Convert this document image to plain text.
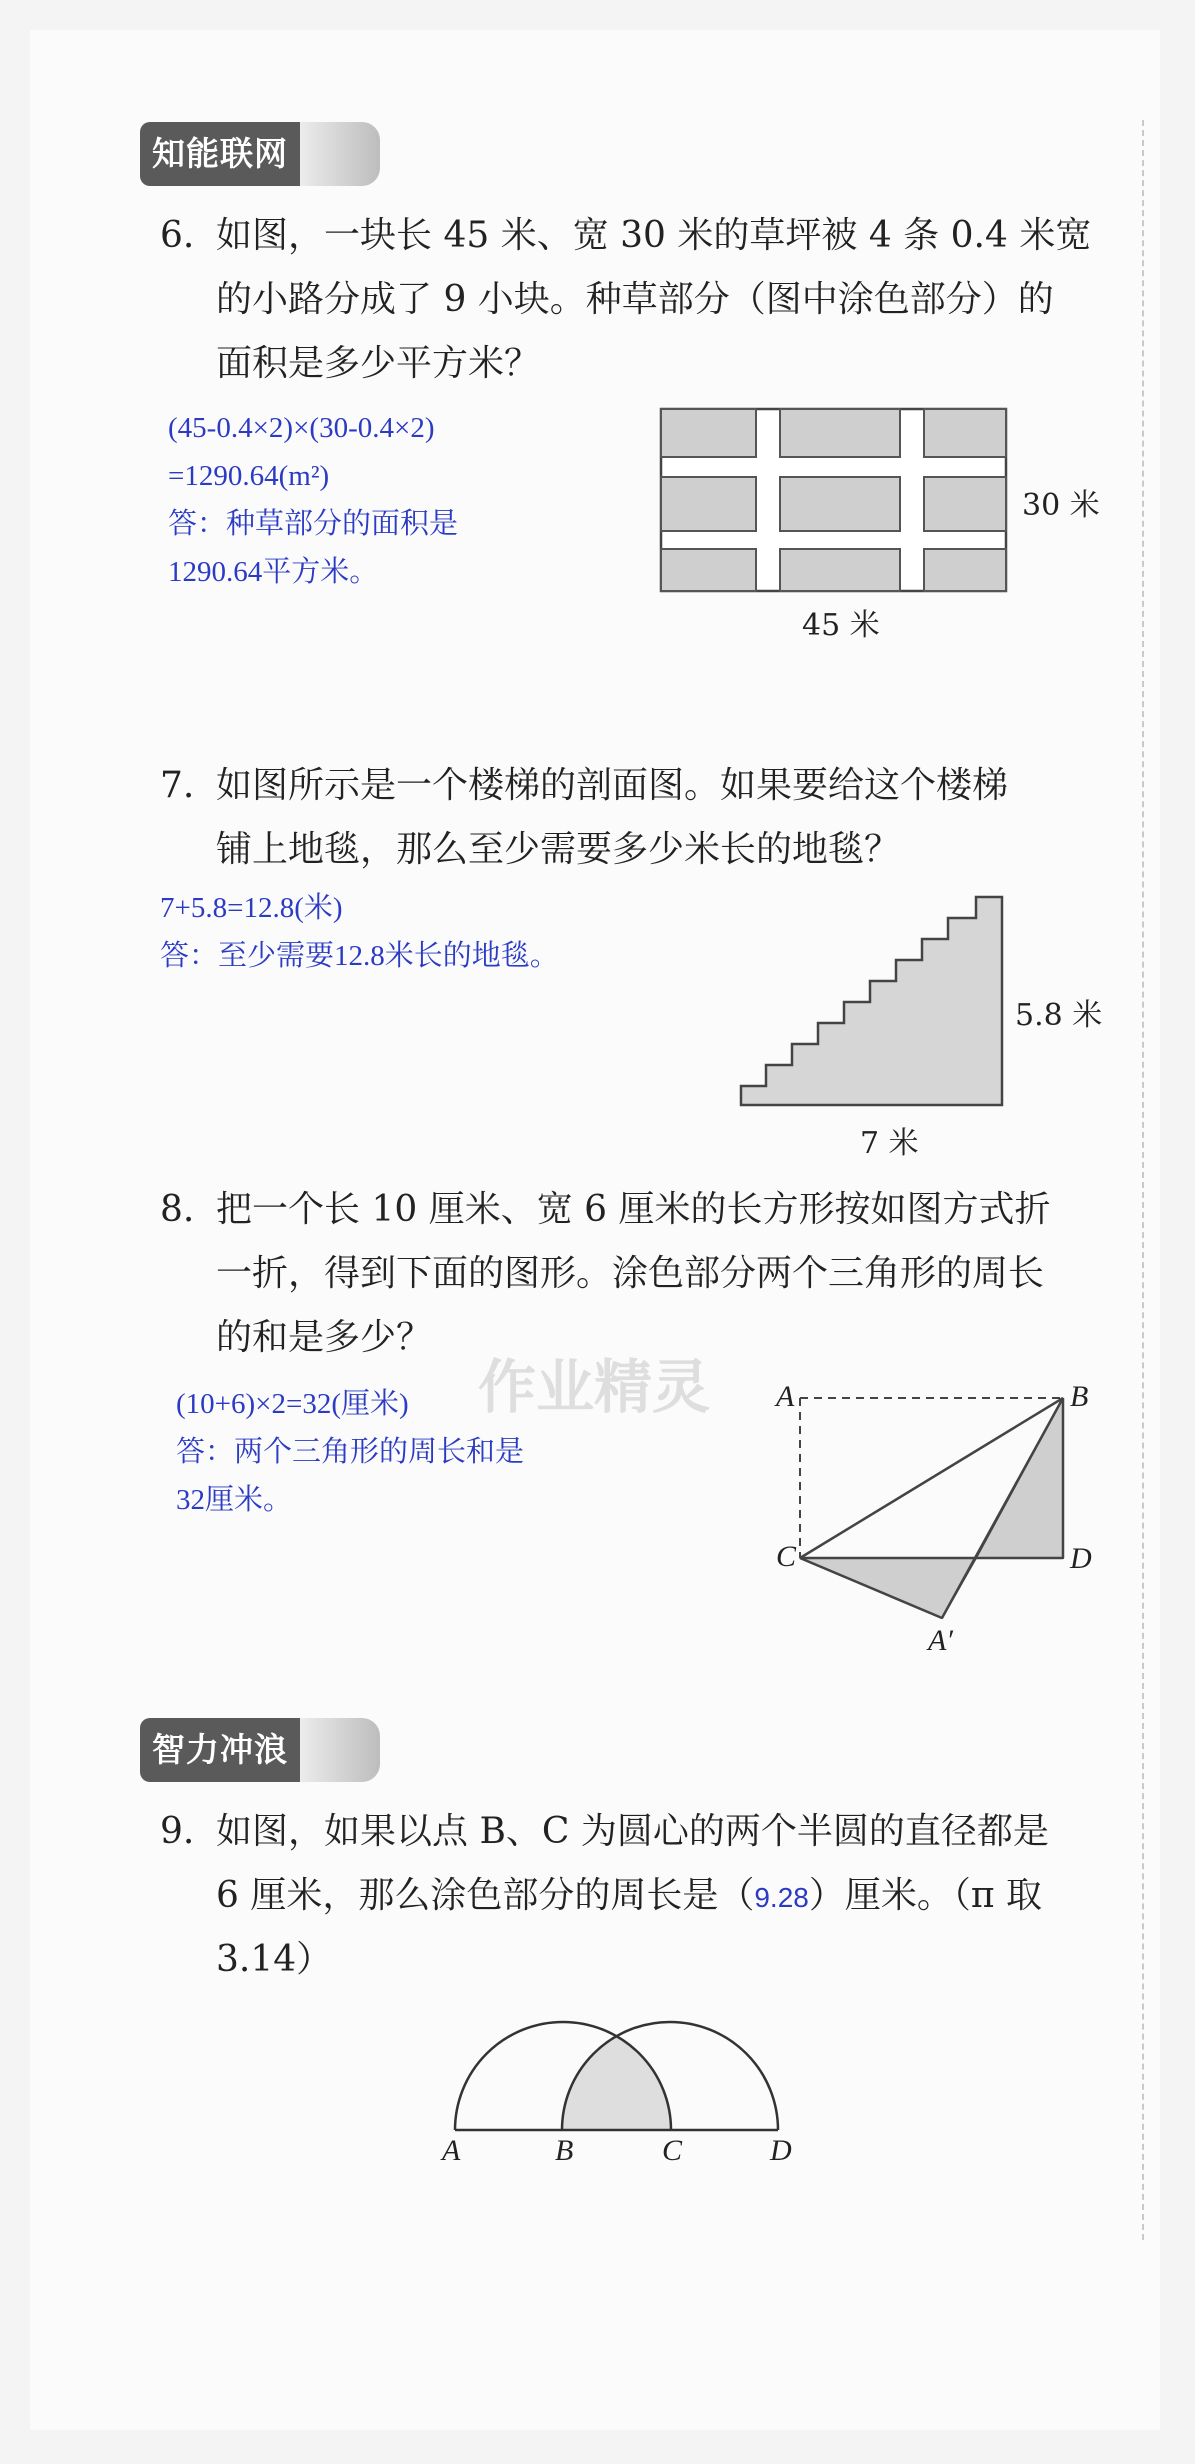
知能联网
6. 如图，一块长 45 米、宽 30 米的草坪被 4 条 0.4 米宽
的小路分成了 9 小块。种草部分（图中涂色部分）的
面积是多少平方米？
(45-0.4×2)×(30-0.4×2)
=1290.64(m²)
答：种草部分的面积是
1290.64平方米。
30 米
45 米
7. 如图所示是一个楼梯的剖面图。如果要给这个楼梯
铺上地毯，那么至少需要多少米长的地毯？
7+5.8=12.8(米)
答：至少需要12.8米长的地毯。
5.8 米
7 米
8. 把一个长 10 厘米、宽 6 厘米的长方形按如图方式折
一折，得到下面的图形。涂色部分两个三角形的周长
的和是多少？
作业精灵
(10+6)×2=32(厘米)
答：两个三角形的周长和是
32厘米。
A	B
C	D
A′
智力冲浪
9. 如图，如果以点 B、C 为圆心的两个半圆的直径都是
6 厘米，那么涂色部分的周长是（9.28）厘米。（π 取
3.14）
A	B	C	D
